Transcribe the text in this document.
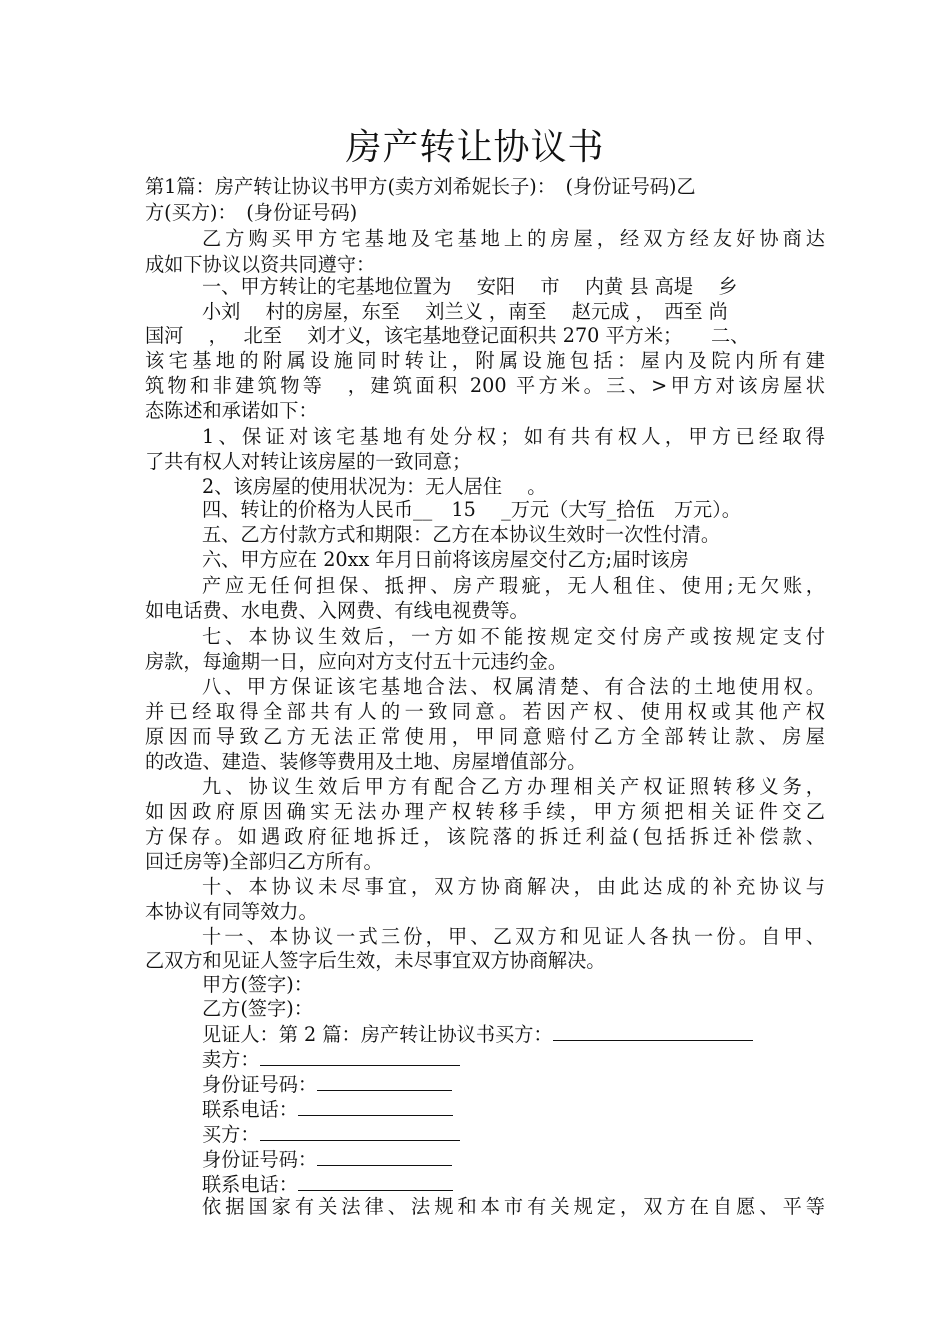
房产转让协议书
第1篇：房产转让协议书甲方(卖方刘希妮长子)：　(身份证号码)乙
方(买方)：　(身份证号码)
乙方购买甲方宅基地及宅基地上的房屋，经双方经友好协商达
成如下协议以资共同遵守：
一、甲方转让的宅基地位置为　 安阳　 市　 内黄 县 高堤　 乡
小刘　 村的房屋，东至　 刘兰义 ，南至　 赵元成 ，　西至 尚
国河　 ，　 北至　 刘才义，该宅基地登记面积共 270 平方米；　　二、
该宅基地的附属设施同时转让，附属设施包括：屋内及院内所有建
筑物和非建筑物等　，建筑面积 200 平方米。三、>甲方对该房屋状
态陈述和承诺如下：
1、保证对该宅基地有处分权；如有共有权人，甲方已经取得
了共有权人对转让该房屋的一致同意；
2、该房屋的使用状况为：无人居住　 。
四、转让的价格为人民币__　15　 _万元（大写_拾伍　万元）。
五、乙方付款方式和期限：乙方在本协议生效时一次性付清。
六、甲方应在 20xx 年月日前将该房屋交付乙方;届时该房
产应无任何担保、抵押、房产瑕疵，无人租住、使用;无欠账，
如电话费、水电费、入网费、有线电视费等。
七、本协议生效后，一方如不能按规定交付房产或按规定支付
房款，每逾期一日，应向对方支付五十元违约金。
八、甲方保证该宅基地合法、权属清楚、有合法的土地使用权。
并已经取得全部共有人的一致同意。若因产权、使用权或其他产权
原因而导致乙方无法正常使用，甲同意赔付乙方全部转让款、房屋
的改造、建造、装修等费用及土地、房屋增值部分。
九、协议生效后甲方有配合乙方办理相关产权证照转移义务，
如因政府原因确实无法办理产权转移手续，甲方须把相关证件交乙
方保存。如遇政府征地拆迁，该院落的拆迁利益(包括拆迁补偿款、
回迁房等)全部归乙方所有。
十、本协议未尽事宜，双方协商解决，由此达成的补充协议与
本协议有同等效力。
十一、本协议一式三份，甲、乙双方和见证人各执一份。自甲、
乙双方和见证人签字后生效，未尽事宜双方协商解决。
甲方(签字)：
乙方(签字)：
见证人：第 2 篇：房产转让协议书买方：
卖方：
身份证号码：
联系电话：
买方：
身份证号码：
联系电话：
依据国家有关法律、法规和本市有关规定，双方在自愿、平等
